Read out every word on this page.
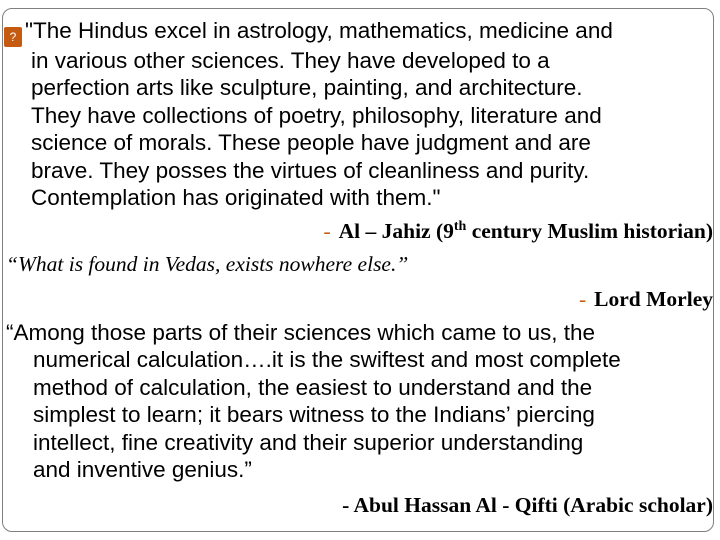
? "The Hindus excel in astrology, mathematics, medicine and
in various other sciences. They have developed to a
perfection arts like sculpture, painting, and architecture.
They have collections of poetry, philosophy, literature and
science of morals. These people have judgment and are
brave. They posses the virtues of cleanliness and purity.
Contemplation has originated with them."
- Al – Jahiz (9th century Muslim historian)
“What is found in Vedas, exists nowhere else.”
- Lord Morley
“Among those parts of their sciences which came to us, the
numerical calculation….it is the swiftest and most complete
method of calculation, the easiest to understand and the
simplest to learn; it bears witness to the Indians’ piercing
intellect, fine creativity and their superior understanding
and inventive genius.”
- Abul Hassan Al - Qifti (Arabic scholar)
